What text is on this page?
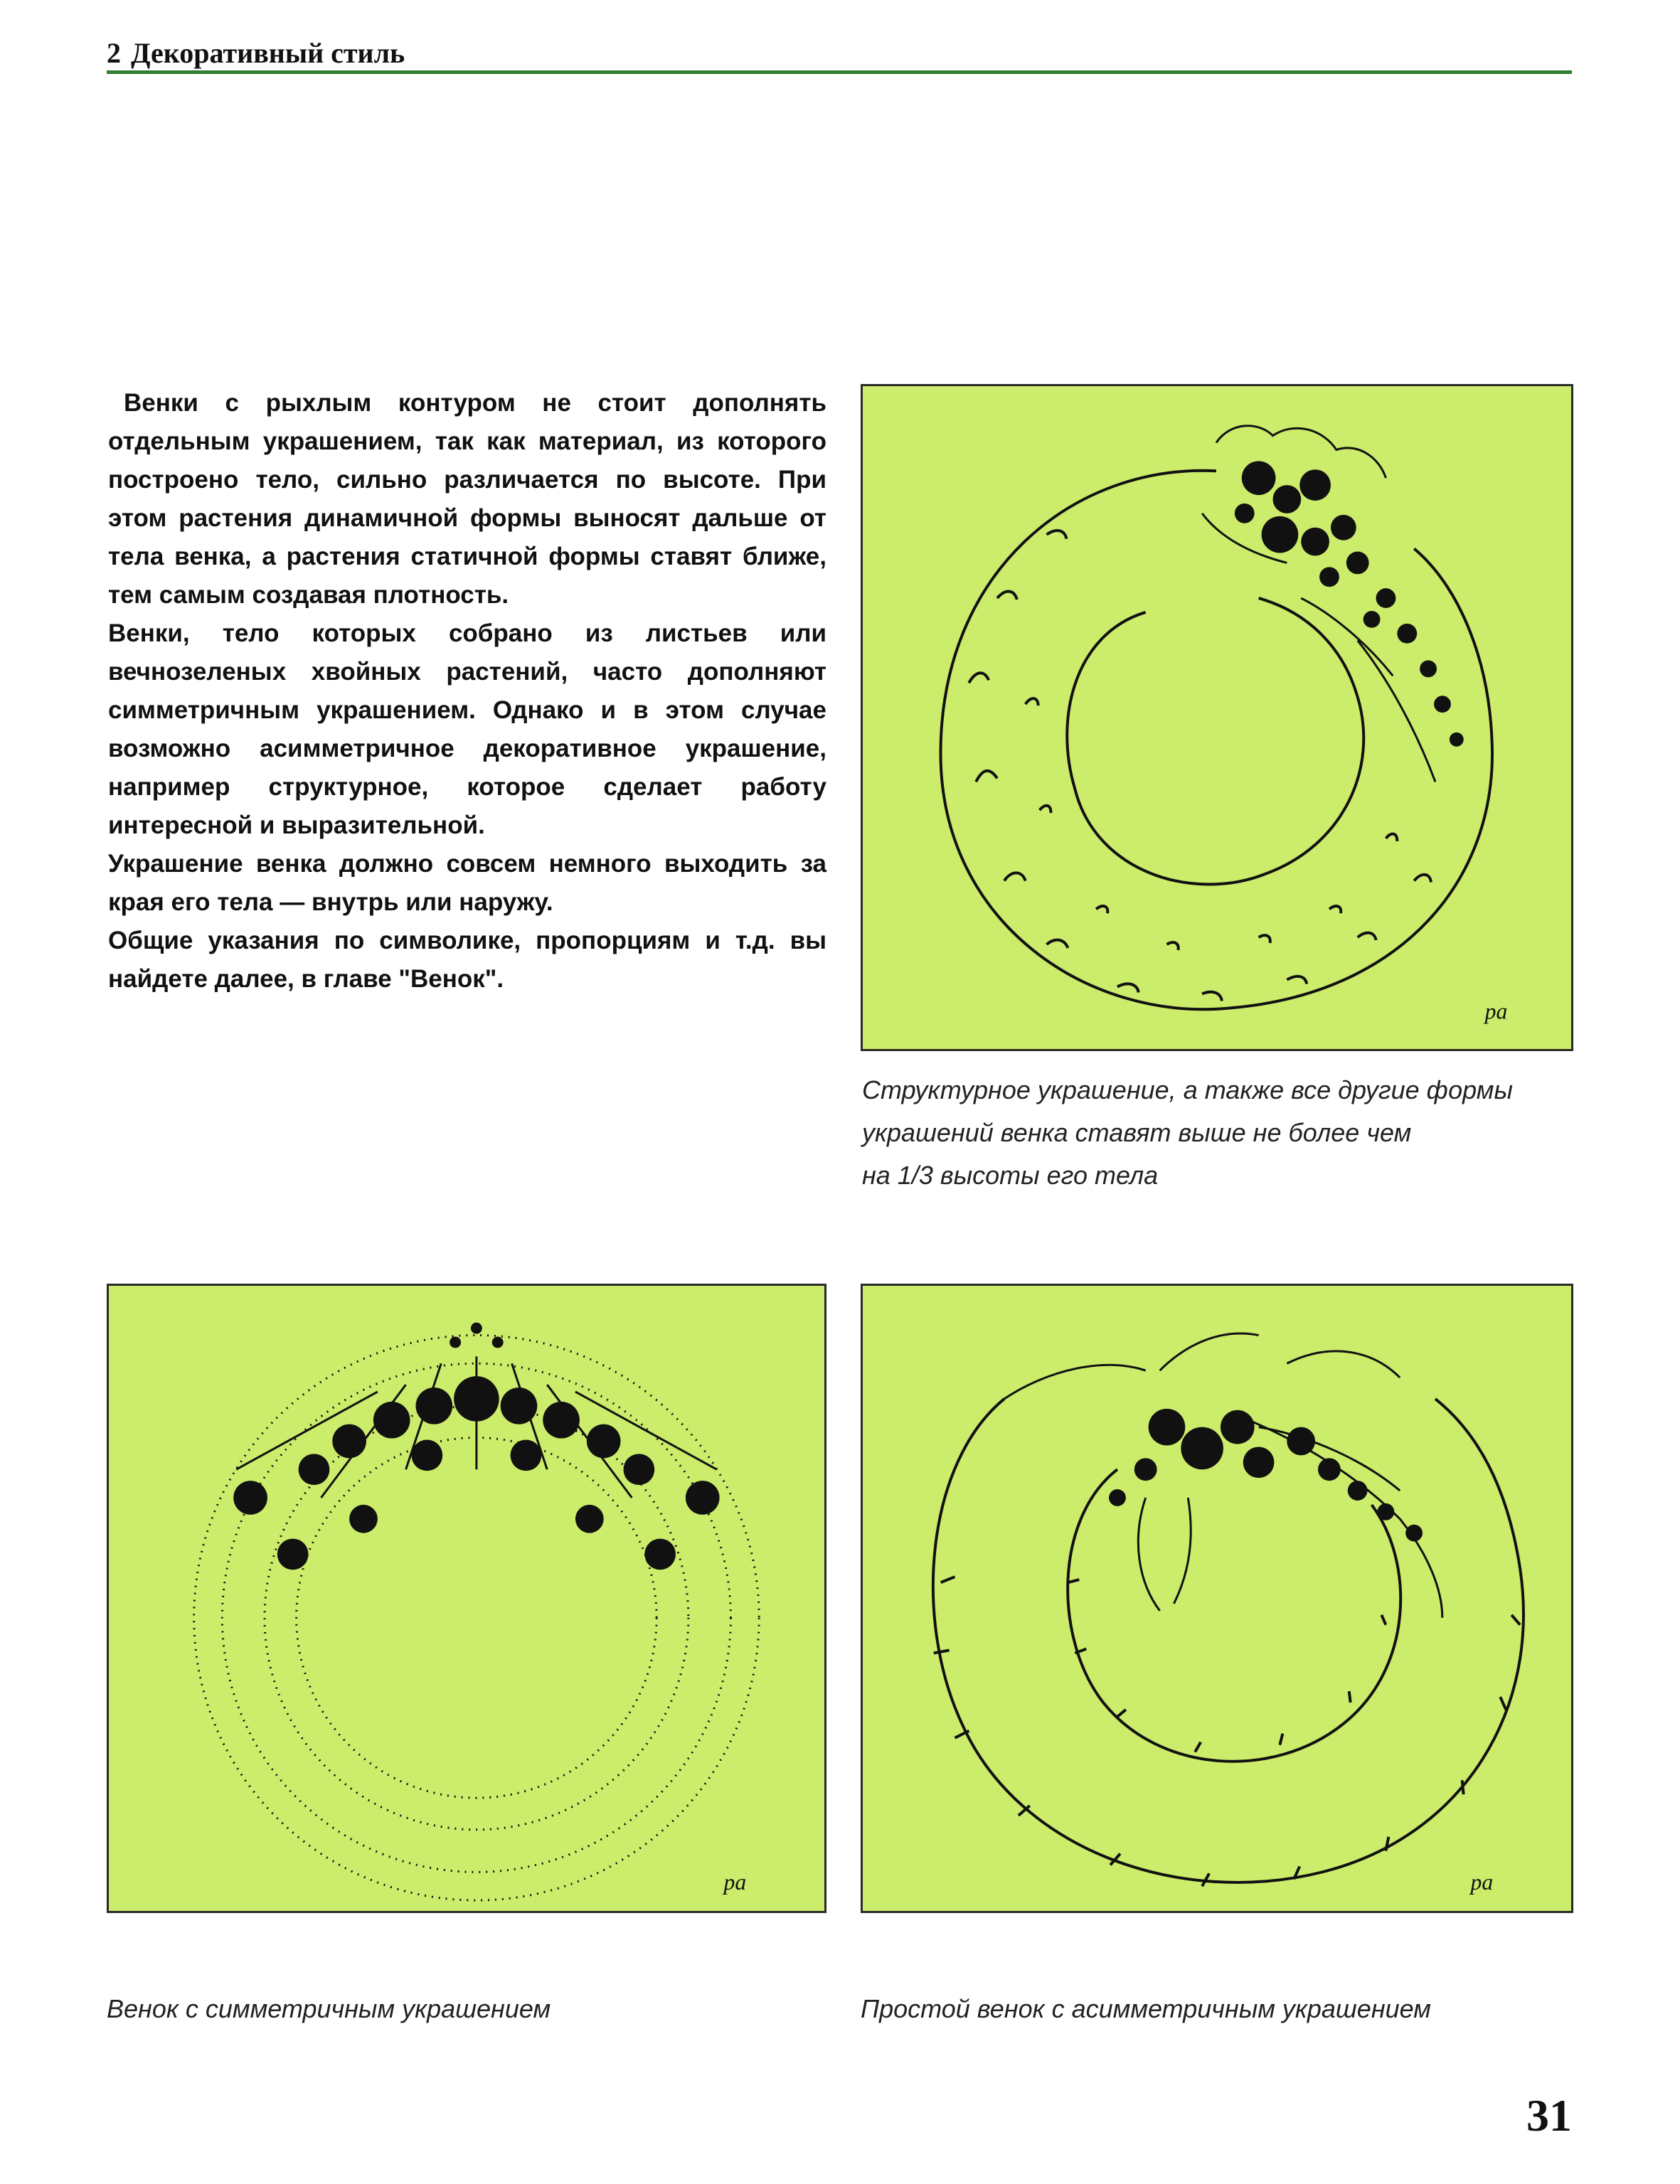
2 Декоративный стиль

Венки с рыхлым контуром не стоит дополнять отдельным украшением, так как материал, из которого построено тело, сильно различается по высоте. При этом растения динамичной формы выносят дальше от тела венка, а растения статичной формы ставят ближе, тем самым создавая плотность.

Венки, тело которых собрано из листьев или вечнозеленых хвойных растений, часто дополняют симметричным украшением. Однако и в этом случае возможно асимметричное декоративное украшение, например структурное, которое сделает работу интересной и выразительной.

Украшение венка должно совсем немного выходить за края его тела — внутрь или наружу.

Общие указания по символике, пропорциям и т.д. вы найдете далее, в главе "Венок".

pa
Структурное украшение, а также все другие формы
украшений венка ставят выше не более чем
на 1/3 высоты его тела
pa	pa
Венок с симметричным украшением	Простой венок с асимметричным украшением
31
